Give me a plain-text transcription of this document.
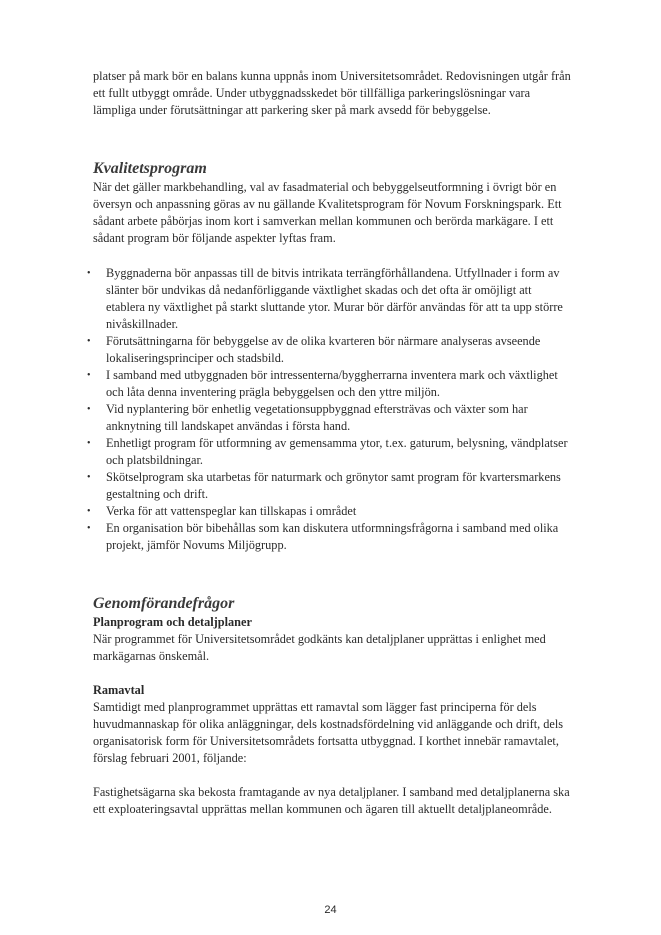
platser på mark bör en balans kunna uppnås inom Universitetsområdet. Redovisningen utgår från ett fullt utbyggt område. Under utbyggnadsskedet bör tillfälliga parkeringslösningar vara lämpliga under förutsättningar att parkering sker på mark avsedd för bebyggelse.

Kvalitetsprogram

När det gäller markbehandling, val av fasadmaterial och bebyggelseutformning i övrigt bör en översyn och anpassning göras av nu gällande Kvalitetsprogram för Novum Forskningspark. Ett sådant arbete påbörjas inom kort i samverkan mellan kommunen och berörda markägare. I ett sådant program bör följande aspekter lyftas fram.

• Byggnaderna bör anpassas till de bitvis intrikata terrängförhållandena. Utfyllnader i form av slänter bör undvikas då nedanförliggande växtlighet skadas och det ofta är omöjligt att etablera ny växtlighet på starkt sluttande ytor. Murar bör därför användas för att ta upp större nivåskillnader.
• Förutsättningarna för bebyggelse av de olika kvarteren bör närmare analyseras avseende lokaliseringsprinciper och stadsbild.
• I samband med utbyggnaden bör intressenterna/byggherrarna inventera mark och växtlighet och låta denna inventering prägla bebyggelsen och den yttre miljön.
• Vid nyplantering bör enhetlig vegetationsuppbyggnad eftersträvas och växter som har anknytning till landskapet användas i första hand.
• Enhetligt program för utformning av gemensamma ytor, t.ex. gaturum, belysning, vändplatser och platsbildningar.
• Skötselprogram ska utarbetas för naturmark och grönytor samt program för kvartersmarkens gestaltning och drift.
• Verka för att vattenspeglar kan tillskapas i området
• En organisation bör bibehållas som kan diskutera utformningsfrågorna i samband med olika projekt, jämför Novums Miljögrupp.
Genomförandefrågor

Planprogram och detaljplaner

När programmet för Universitetsområdet godkänts kan detaljplaner upprättas i enlighet med markägarnas önskemål.

Ramavtal

Samtidigt med planprogrammet upprättas ett ramavtal som lägger fast principerna för dels huvudmannaskap för olika anläggningar, dels kostnadsfördelning vid anläggande och drift, dels organisatorisk form för Universitetsområdets fortsatta utbyggnad. I korthet innebär ramavtalet, förslag februari 2001, följande:

Fastighetsägarna ska bekosta framtagande av nya detaljplaner. I samband med detaljplanerna ska ett exploateringsavtal upprättas mellan kommunen och ägaren till aktuellt detaljplaneområde.

24
